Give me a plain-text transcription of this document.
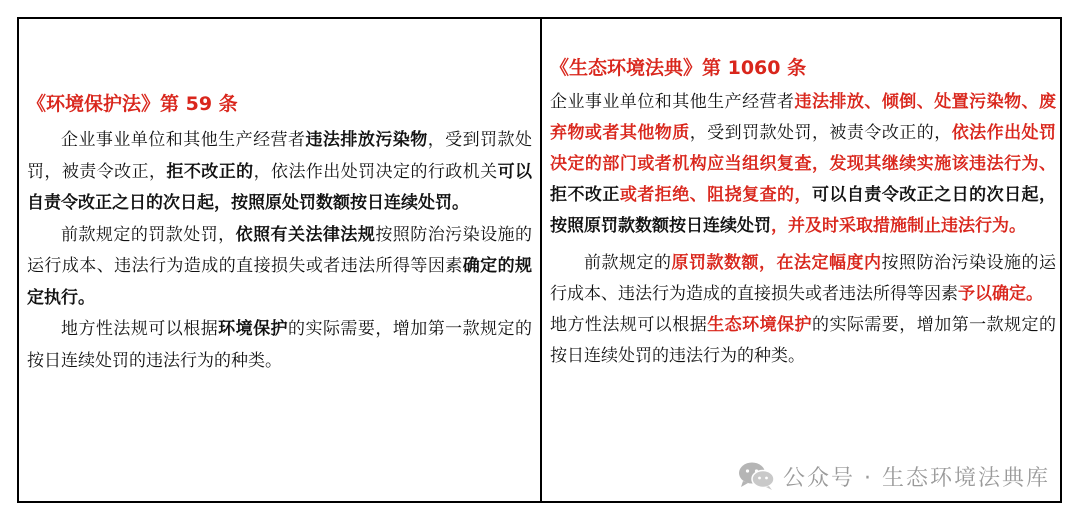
《环境保护法》第 59 条

企业事业单位和其他生产经营者违法排放污染物，受到罚款处罚，被责令改正，拒不改正的，依法作出处罚决定的行政机关可以自责令改正之日的次日起，按照原处罚数额按日连续处罚。

前款规定的罚款处罚，依照有关法律法规按照防治污染设施的运行成本、违法行为造成的直接损失或者违法所得等因素确定的规定执行。

地方性法规可以根据环境保护的实际需要，增加第一款规定的按日连续处罚的违法行为的种类。

《生态环境法典》第 1060 条

企业事业单位和其他生产经营者违法排放、倾倒、处置污染物、废弃物或者其他物质，受到罚款处罚，被责令改正的，依法作出处罚决定的部门或者机构应当组织复查，发现其继续实施该违法行为、拒不改正或者拒绝、阻挠复查的，可以自责令改正之日的次日起，按照原罚款数额按日连续处罚，并及时采取措施制止违法行为。

前款规定的原罚款数额，在法定幅度内按照防治污染设施的运行成本、违法行为造成的直接损失或者违法所得等因素予以确定。

地方性法规可以根据生态环境保护的实际需要，增加第一款规定的按日连续处罚的违法行为的种类。

公众号 · 生态环境法典库
